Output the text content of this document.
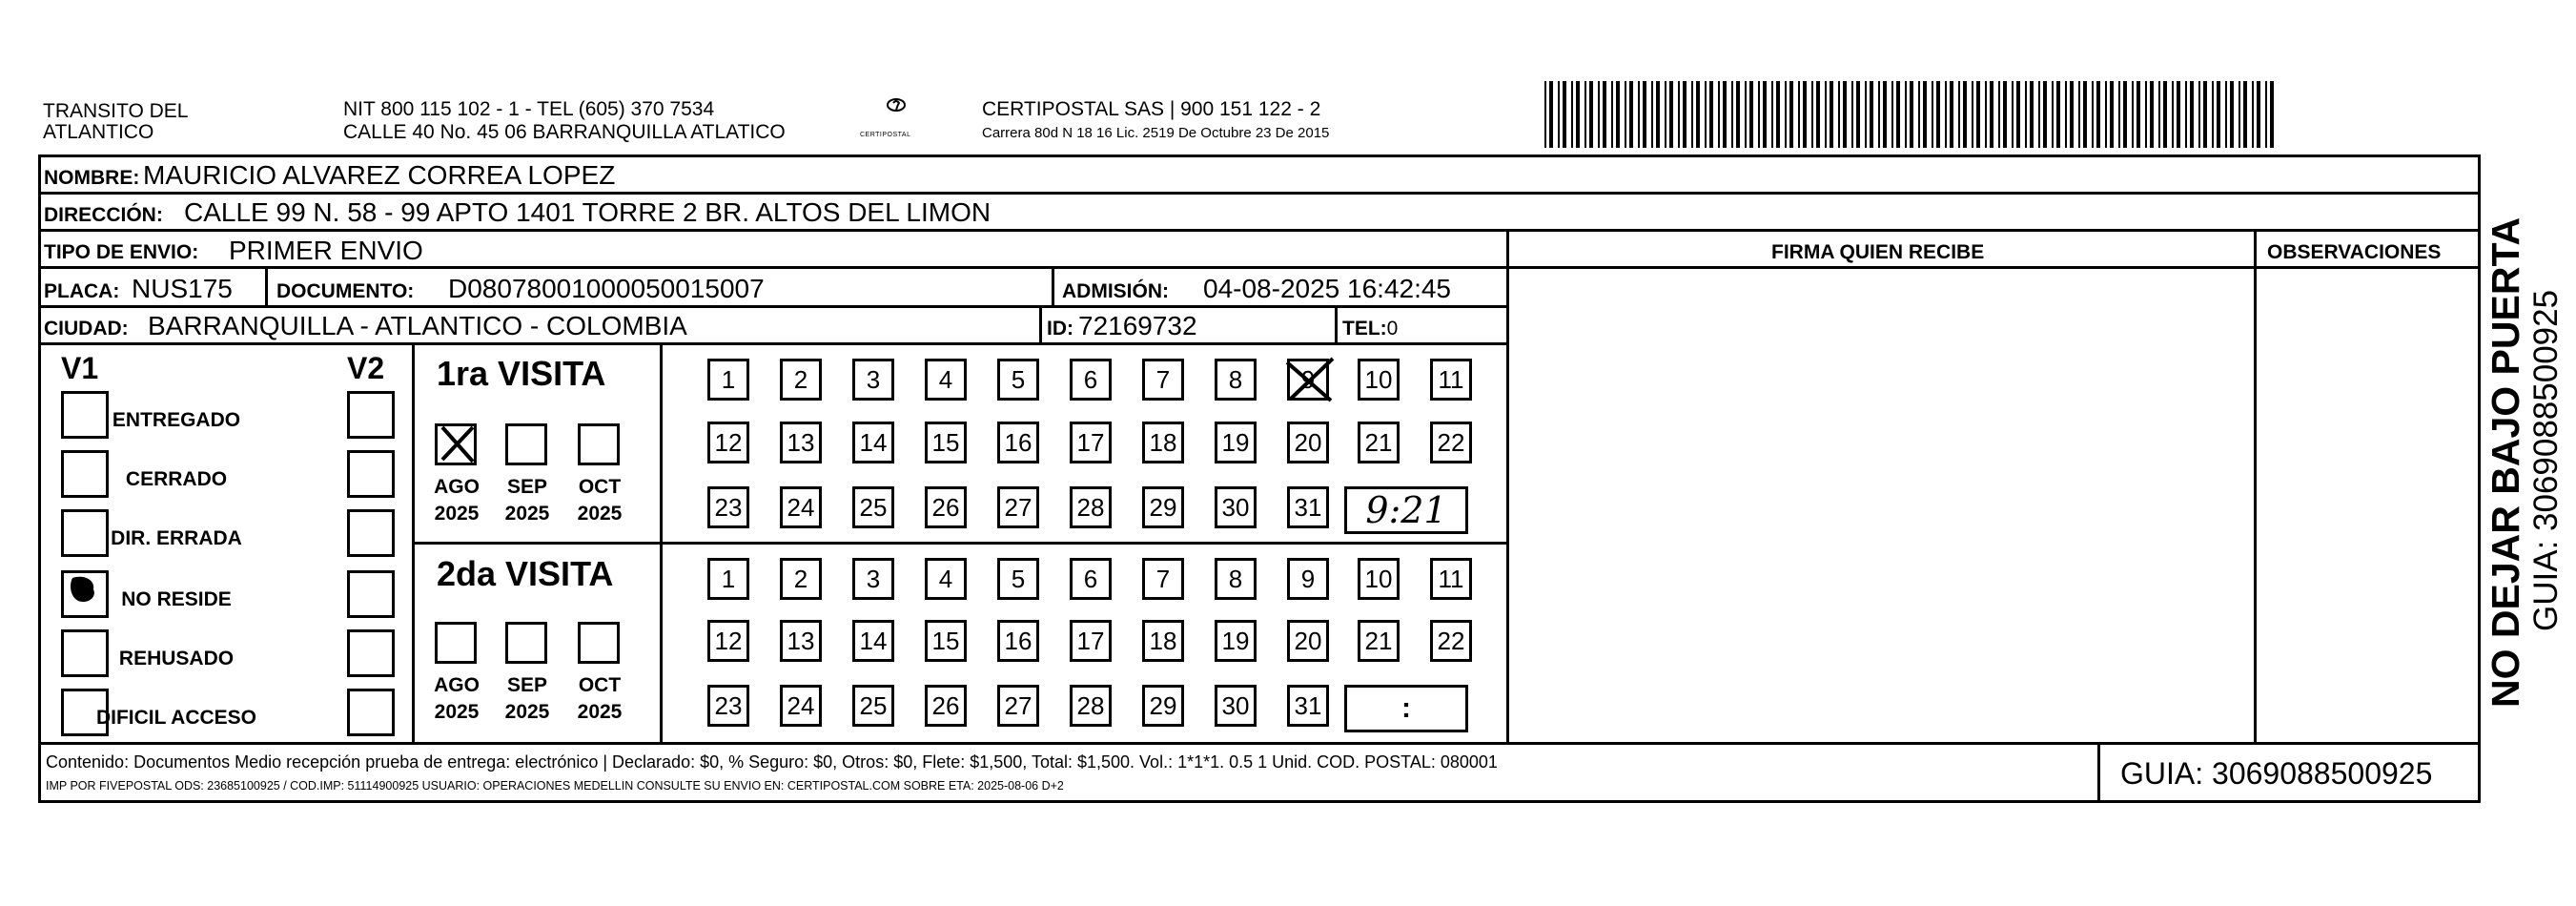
TRANSITO DEL
ATLANTICO
NIT 800 115 102 - 1 - TEL (605) 370 7534
CALLE 40 No. 45 06 BARRANQUILLA ATLATICO	CERTIPOSTAL
CERTIPOSTAL SAS | 900 151 122 - 2
Carrera 80d N 18 16 Lic. 2519 De Octubre 23 De 2015
NOMBRE: MAURICIO ALVAREZ CORREA LOPEZ
DIRECCIÓN: CALLE 99 N. 58 - 99 APTO 1401 TORRE 2 BR. ALTOS DEL LIMON
TIPO DE ENVIO: PRIMER ENVIO	FIRMA QUIEN RECIBE	OBSERVACIONES
PLACA: NUS175 DOCUMENTO: D08078001000050015007	ADMISIÓN: 04-08-2025 16:42:45
CIUDAD: BARRANQUILLA - ATLANTICO - COLOMBIA	ID: 72169732	TEL:0
V1	V2
ENTREGADO
CERRADO
DIR. ERRADA
NO RESIDE
REHUSADO
DIFICIL ACCESO
1ra VISITA
2da VISITA
AGO
2025
SEP
2025
OCT
2025
AGO
2025
SEP
2025
OCT
2025
1 2 3 4 5 6 7 8 9 10 11
12 13 14 15 16 17 18 19 20 21 22
23 24 25 26 27 28 29 30 31
1 2 3 4 5 6 7 8 9 10 11
12 13 14 15 16 17 18 19 20 21 22
23 24 25 26 27 28 29 30 31
9:21
:
Contenido: Documentos Medio recepción prueba de entrega: electrónico | Declarado: $0, % Seguro: $0, Otros: $0, Flete: $1,500, Total: $1,500. Vol.: 1*1*1. 0.5 1 Unid. COD. POSTAL: 080001
IMP POR FIVEPOSTAL ODS: 23685100925 / COD.IMP: 51114900925 USUARIO: OPERACIONES MEDELLIN CONSULTE SU ENVIO EN: CERTIPOSTAL.COM SOBRE ETA: 2025-08-06 D+2	GUIA: 3069088500925
NO DEJAR BAJO PUERTA GUIA: 3069088500925
